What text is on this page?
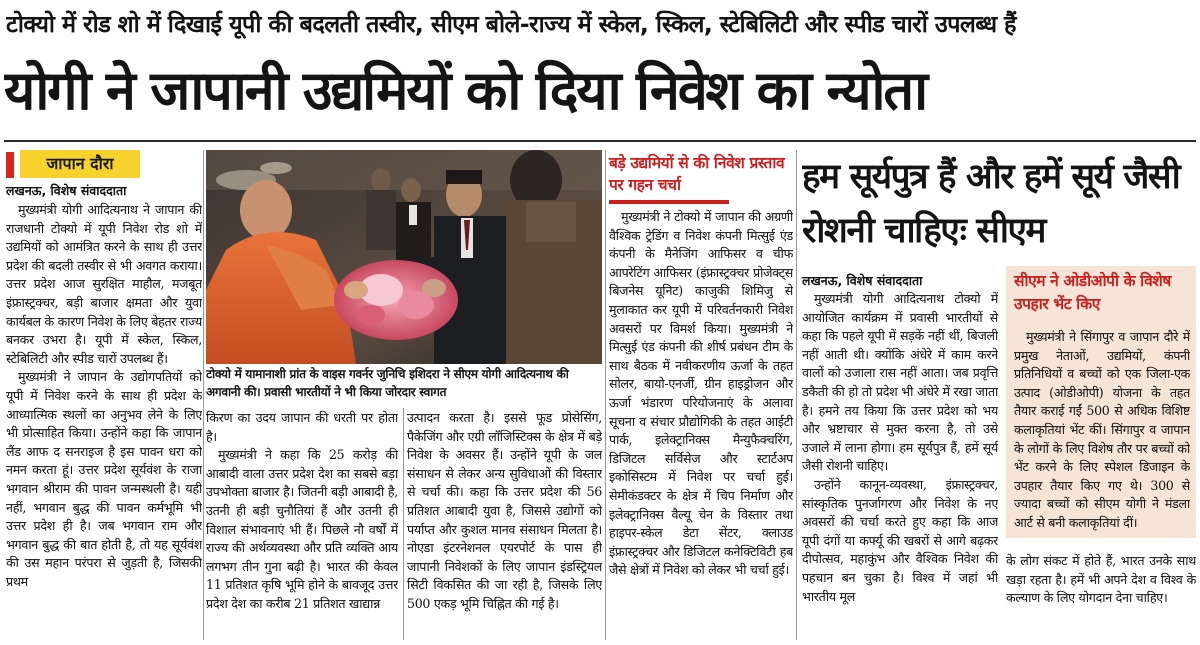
टोक्यो में रोड शो में दिखाई यूपी की बदलती तस्वीर, सीएम बोले-राज्य में स्केल, स्किल, स्टेबिलिटी और स्पीड चारों उपलब्ध हैं
योगी ने जापानी उद्यमियों को दिया निवेश का न्योता
जापान दौरा
लखनऊ, विशेष संवाददाता

मुख्यमंत्री योगी आदित्यनाथ ने जापान की राजधानी टोक्यो में यूपी निवेश रोड शो में उद्यमियों को आमंत्रित करने के साथ ही उत्तर प्रदेश की बदली तस्वीर से भी अवगत कराया। उत्तर प्रदेश आज सुरक्षित माहौल, मजबूत इंफ्रास्ट्रक्चर, बड़ी बाजार क्षमता और युवा कार्यबल के कारण निवेश के लिए बेहतर राज्य बनकर उभरा है। यूपी में स्केल, स्किल, स्टेबिलिटी और स्पीड चारों उपलब्ध हैं।

मुख्यमंत्री ने जापान के उद्योगपतियों को यूपी में निवेश करने के साथ ही प्रदेश के आध्यात्मिक स्थलों का अनुभव लेने के लिए भी प्रोत्साहित किया। उन्होंने कहा कि जापान लैंड आफ द सनराइज है इस पावन धरा को नमन करता हूं। उत्तर प्रदेश सूर्यवंश के राजा भगवान श्रीराम की पावन जन्मस्थली है। यही नहीं, भगवान बुद्ध की पावन कर्मभूमि भी उत्तर प्रदेश ही है। जब भगवान राम और भगवान बुद्ध की बात होती है, तो यह सूर्यवंश की उस महान परंपरा से जुड़ती है, जिसकी प्रथम

टोक्यो में यामानाशी प्रांत के वाइस गवर्नर जुनिचि इशिदरा ने सीएम योगी आदित्यनाथ की अगवानी की। प्रवासी भारतीयों ने भी किया जोरदार स्वागत

किरण का उदय जापान की धरती पर होता है।

मुख्यमंत्री ने कहा कि 25 करोड़ की आबादी वाला उत्तर प्रदेश देश का सबसे बड़ा उपभोक्ता बाजार है। जितनी बड़ी आबादी है, उतनी ही बड़ी चुनौतियां हैं और उतनी ही विशाल संभावनाएं भी हैं। पिछले नौ वर्षों में राज्य की अर्थव्यवस्था और प्रति व्यक्ति आय लगभग तीन गुना बढ़ी है। भारत की केवल 11 प्रतिशत कृषि भूमि होने के बावजूद उत्तर प्रदेश देश का करीब 21 प्रतिशत खाद्यान्न

उत्पादन करता है। इससे फूड प्रोसेसिंग, पैकेजिंग और एग्री लॉजिस्टिक्स के क्षेत्र में बड़े निवेश के अवसर हैं। उन्होंने यूपी के जल संसाधन से लेकर अन्य सुविधाओं की विस्तार से चर्चा की। कहा कि उत्तर प्रदेश की 56 प्रतिशत आबादी युवा है, जिससे उद्योगों को पर्याप्त और कुशल मानव संसाधन मिलता है। नोएडा इंटरनेशनल एयरपोर्ट के पास ही जापानी निवेशकों के लिए जापान इंडस्ट्रियल सिटी विकसित की जा रही है, जिसके लिए 500 एकड़ भूमि चिह्नित की गई है।

बड़े उद्यमियों से की निवेश प्रस्ताव पर गहन चर्चा

मुख्यमंत्री ने टोक्यो में जापान की अग्रणी वैश्विक ट्रेडिंग व निवेश कंपनी मित्सुई एंड कंपनी के मैनेजिंग आफिसर व चीफ आपरेटिंग आफिसर (इंफ्रास्ट्रक्चर प्रोजेक्ट्स बिजनेस यूनिट) काजुकी शिमिजु से मुलाकात कर यूपी में परिवर्तनकारी निवेश अवसरों पर विमर्श किया। मुख्यमंत्री ने मित्सुई एंड कंपनी की शीर्ष प्रबंधन टीम के साथ बैठक में नवीकरणीय ऊर्जा के तहत सोलर, बायो-एनर्जी, ग्रीन हाइड्रोजन और ऊर्जा भंडारण परियोजनाएं के अलावा सूचना व संचार प्रौद्योगिकी के तहत आईटी पार्क, इलेक्ट्रानिक्स मैन्युफैक्चरिंग, डिजिटल सर्विसेज और स्टार्टअप इकोसिस्टम में निवेश पर चर्चा हुई। सेमीकंडक्टर के क्षेत्र में चिप निर्माण और इलेक्ट्रानिक्स वैल्यू चेन के विस्तार तथा हाइपर-स्केल डेटा सेंटर, क्लाउड इंफ्रास्ट्रक्चर और डिजिटल कनेक्टिविटी हब जैसे क्षेत्रों में निवेश को लेकर भी चर्चा हुई।

हम सूर्यपुत्र हैं और हमें सूर्य जैसी रोशनी चाहिएः सीएम
लखनऊ, विशेष संवाददाता

मुख्यमंत्री योगी आदित्यनाथ टोक्यो में आयोजित कार्यक्रम में प्रवासी भारतीयों से कहा कि पहले यूपी में सड़कें नहीं थीं, बिजली नहीं आती थी। क्योंकि अंधेरे में काम करने वालों को उजाला रास नहीं आता। जब प्रवृत्ति डकैती की हो तो प्रदेश भी अंधेरे में रखा जाता है। हमने तय किया कि उत्तर प्रदेश को भय और भ्रष्टाचार से मुक्त करना है, तो उसे उजाले में लाना होगा। हम सूर्यपुत्र हैं, हमें सूर्य जैसी रोशनी चाहिए।

उन्होंने कानून-व्यवस्था, इंफ्रास्ट्रक्चर, सांस्कृतिक पुनर्जागरण और निवेश के नए अवसरों की चर्चा करते हुए कहा कि आज यूपी दंगों या कर्फ्यू की खबरों से आगे बढ़कर दीपोत्सव, महाकुंभ और वैश्विक निवेश की पहचान बन चुका है। विश्व में जहां भी भारतीय मूल

सीएम ने ओडीओपी के विशेष उपहार भेंट किए

मुख्यमंत्री ने सिंगापुर व जापान दौरे में प्रमुख नेताओं, उद्यमियों, कंपनी प्रतिनिधियों व बच्चों को एक जिला-एक उत्पाद (ओडीओपी) योजना के तहत तैयार कराई गईं 500 से अधिक विशिष्ट कलाकृतियां भेंट कीं। सिंगापुर व जापान के लोगों के लिए विशेष तौर पर बच्चों को भेंट करने के लिए स्पेशल डिजाइन के उपहार तैयार किए गए थे। 300 से ज्यादा बच्चों को सीएम योगी ने मंडला आर्ट से बनी कलाकृतियां दीं।

के लोग संकट में होते हैं, भारत उनके साथ खड़ा रहता है। हमें भी अपने देश व विश्व के कल्याण के लिए योगदान देना चाहिए।
